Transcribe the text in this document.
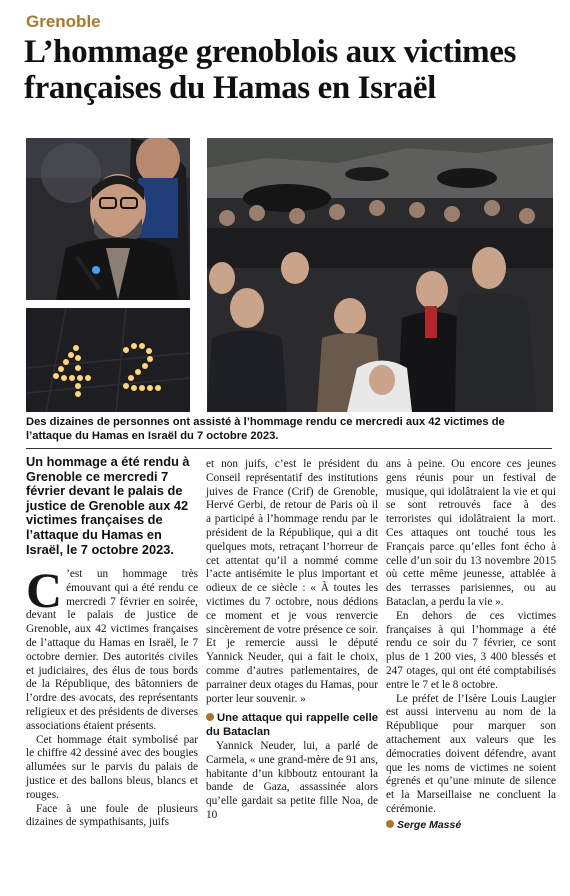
Grenoble
L’hommage grenoblois aux victimes françaises du Hamas en Israël
Des dizaines de personnes ont assisté à l’hommage rendu ce mercredi aux 42 victimes de l’attaque du Hamas en Israël du 7 octobre 2023.
Un hommage a été rendu à Grenoble ce mercredi 7 février devant le palais de justice de Grenoble aux 42 victimes françaises de l’attaque du Hamas en Israël, le 7 octobre 2023.

C ’est un hommage très émouvant qui a été rendu ce mercredi 7 février en soirée, devant le palais de justice de Grenoble, aux 42 victimes françaises de l’attaque du Hamas en Israël, le 7 octobre dernier. Des autorités civiles et judiciaires, des élus de tous bords de la République, des bâtonniers de l’ordre des avocats, des représentants religieux et des présidents de diverses associations étaient présents.

Cet hommage était symbolisé par le chiffre 42 dessiné avec des bougies allumées sur le parvis du palais de justice et des ballons bleus, blancs et rouges.

Face à une foule de plusieurs dizaines de sympathisants, juifs

et non juifs, c’est le président du Conseil représentatif des institutions juives de France (Crif) de Grenoble, Hervé Gerbi, de retour de Paris où il a participé à l’hommage rendu par le président de la République, qui a dit quelques mots, retraçant l’horreur de cet attentat qu’il a nommé comme l’acte antisémite le plus important et odieux de ce siècle : « À toutes les victimes du 7 octobre, nous dédions ce moment et je vous renvercie sincèrement de votre présence ce soir. Et je remercie aussi le député Yannick Neuder, qui a fait le choix, comme d’autres parlementaires, de parrainer deux otages du Hamas, pour porter leur souvenir. »

Une attaque qui rappelle celle du Bataclan

Yannick Neuder, lui, a parlé de Carmela, « une grand-mère de 91 ans, habitante d’un kibboutz entourant la bande de Gaza, assassinée alors qu’elle gardait sa petite fille Noa, de 10

ans à peine. Ou encore ces jeunes gens réunis pour un festival de musique, qui idolâtraient la vie et qui se sont retrouvés face à des terroristes qui idolâtraient la mort. Ces attaques ont touché tous les Français parce qu’elles font écho à celle d’un soir du 13 novembre 2015 où cette même jeunesse, attablée à des terrasses parisiennes, ou au Bataclan, a perdu la vie ».

En dehors de ces victimes françaises à qui l’hommage a été rendu ce soir du 7 février, ce sont plus de 1 200 vies, 3 400 blessés et 247 otages, qui ont été comptabilisés entre le 7 et le 8 octobre.

Le préfet de l’Isère Louis Laugier est aussi intervenu au nom de la République pour marquer son attachement aux valeurs que les démocraties doivent défendre, avant que les noms de victimes ne soient égrenés et qu’une minute de silence et la Marseillaise ne concluent la cérémonie.

Serge Massé
